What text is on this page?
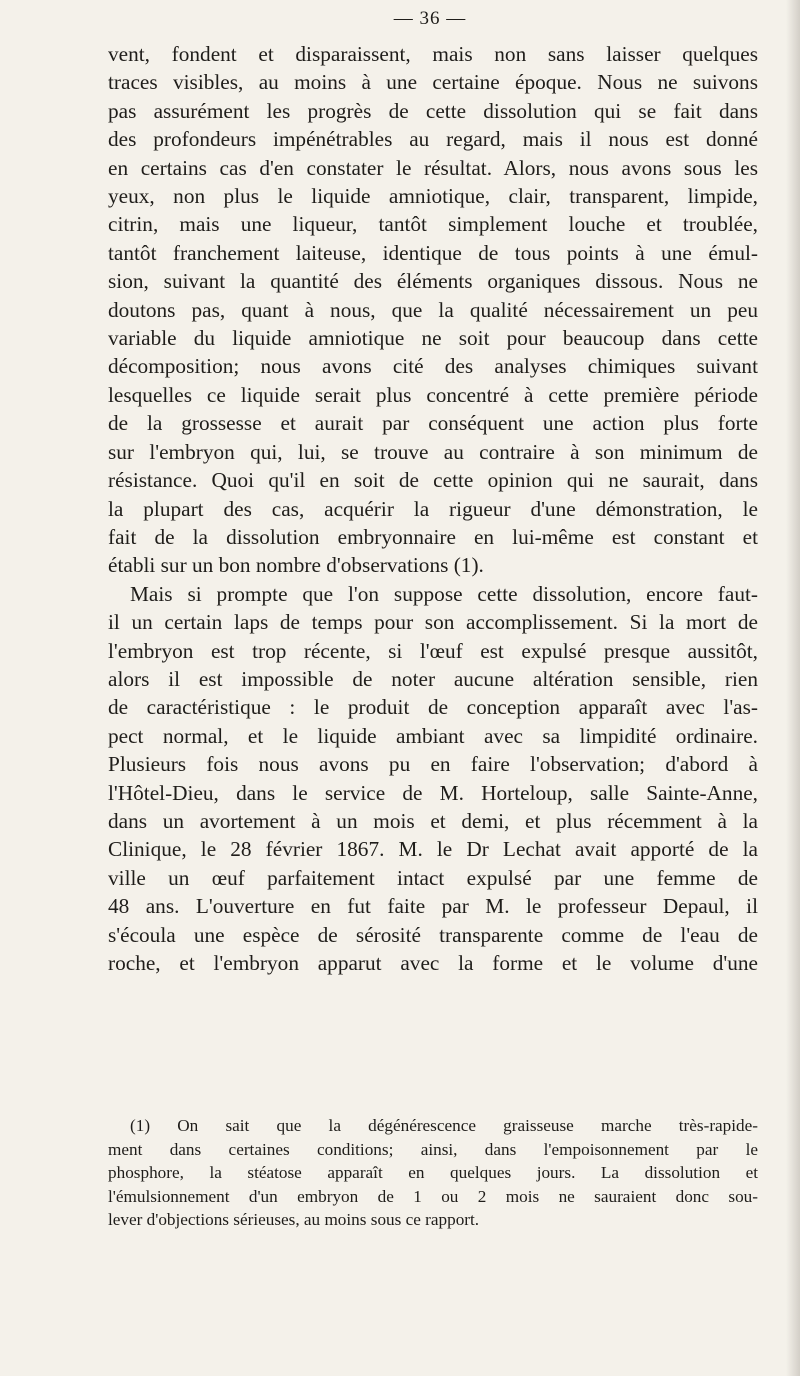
— 36 —
vent, fondent et disparaissent, mais non sans laisser quelques
traces visibles, au moins à une certaine époque. Nous ne suivons
pas assurément les progrès de cette dissolution qui se fait dans
des profondeurs impénétrables au regard, mais il nous est donné
en certains cas d'en constater le résultat. Alors, nous avons sous les
yeux, non plus le liquide amniotique, clair, transparent, limpide,
citrin, mais une liqueur, tantôt simplement louche et troublée,
tantôt franchement laiteuse, identique de tous points à une émul-
sion, suivant la quantité des éléments organiques dissous. Nous ne
doutons pas, quant à nous, que la qualité nécessairement un peu
variable du liquide amniotique ne soit pour beaucoup dans cette
décomposition; nous avons cité des analyses chimiques suivant
lesquelles ce liquide serait plus concentré à cette première période
de la grossesse et aurait par conséquent une action plus forte
sur l'embryon qui, lui, se trouve au contraire à son minimum de
résistance. Quoi qu'il en soit de cette opinion qui ne saurait, dans
la plupart des cas, acquérir la rigueur d'une démonstration, le
fait de la dissolution embryonnaire en lui-même est constant et
établi sur un bon nombre d'observations (1).
Mais si prompte que l'on suppose cette dissolution, encore faut-
il un certain laps de temps pour son accomplissement. Si la mort de
l'embryon est trop récente, si l'œuf est expulsé presque aussitôt,
alors il est impossible de noter aucune altération sensible, rien
de caractéristique : le produit de conception apparaît avec l'as-
pect normal, et le liquide ambiant avec sa limpidité ordinaire.
Plusieurs fois nous avons pu en faire l'observation; d'abord à
l'Hôtel-Dieu, dans le service de M. Horteloup, salle Sainte-Anne,
dans un avortement à un mois et demi, et plus récemment à la
Clinique, le 28 février 1867. M. le Dr Lechat avait apporté de la
ville un œuf parfaitement intact expulsé par une femme de
48 ans. L'ouverture en fut faite par M. le professeur Depaul, il
s'écoula une espèce de sérosité transparente comme de l'eau de
roche, et l'embryon apparut avec la forme et le volume d'une
(1) On sait que la dégénérescence graisseuse marche très-rapide-
ment dans certaines conditions; ainsi, dans l'empoisonnement par le
phosphore, la stéatose apparaît en quelques jours. La dissolution et
l'émulsionnement d'un embryon de 1 ou 2 mois ne sauraient donc sou-
lever d'objections sérieuses, au moins sous ce rapport.
